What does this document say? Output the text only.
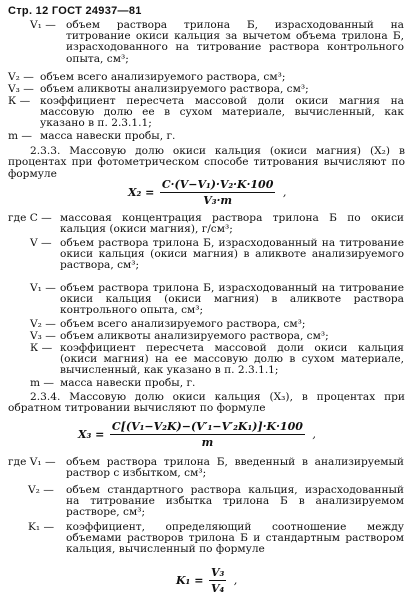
Стр. 12 ГОСТ 24937—81
V₁ — объем раствора трилона Б, израсходованный на титрование окиси кальция за вычетом объема трилона Б, израсходованного на титрование раствора контрольного опыта, см³;
V₂ — объем всего анализируемого раствора, см³;
V₃ — объем аликвоты анализируемого раствора, см³;
К — коэффициент пересчета массовой доли окиси магния на массовую долю ее в сухом материале, вычисленный, как указано в п. 2.3.1.1;
m — масса навески пробы, г.
2.3.3. Массовую долю окиси кальция (окиси магния) (X₂) в процентах при фотометрическом способе титрования вычисляют по формуле
$X_2 = \frac{\text{C·(V−V₁)·V₂·K·100}}{\text{V₃·m}}$ ,
где C — массовая концентрация раствора трилона Б по окиси кальция (окиси магния), г/см³;
V — объем раствора трилона Б, израсходованный на титрование окиси кальция (окиси магния) в аликвоте анализируемого раствора, см³;
V₁ — объем раствора трилона Б, израсходованный на титрование окиси кальция (окиси магния) в аликвоте раствора контрольного опыта, см³;
V₂ — объем всего анализируемого раствора, см³;
V₃ — объем аликвоты анализируемого раствора, см³;
К — коэффициент пересчета массовой доли окиси кальция (окиси магния) на ее массовую долю в сухом материале, вычисленный, как указано в п. 2.3.1.1;
m — масса навески пробы, г.
2.3.4. Массовую долю окиси кальция (X₃), в процентах при обратном титровании вычисляют по формуле
$X_3 = \frac{\text{C[(V₁−V₂K)−(V′₁−V′₂K₁)]·K·100}}{m}$ ,
где V₁ — объем раствора трилона Б, введенный в анализируемый раствор с избытком, см³;
V₂ — объем стандартного раствора кальция, израсходованный на титрование избытка трилона Б в анализируемом растворе, см³;
K₁ — коэффициент, определяющий соотношение между объемами растворов трилона Б и стандартным раствором кальция, вычисленный по формуле
$K_1 = \frac{\text{V₃}}{\text{V₄}}$ ,
